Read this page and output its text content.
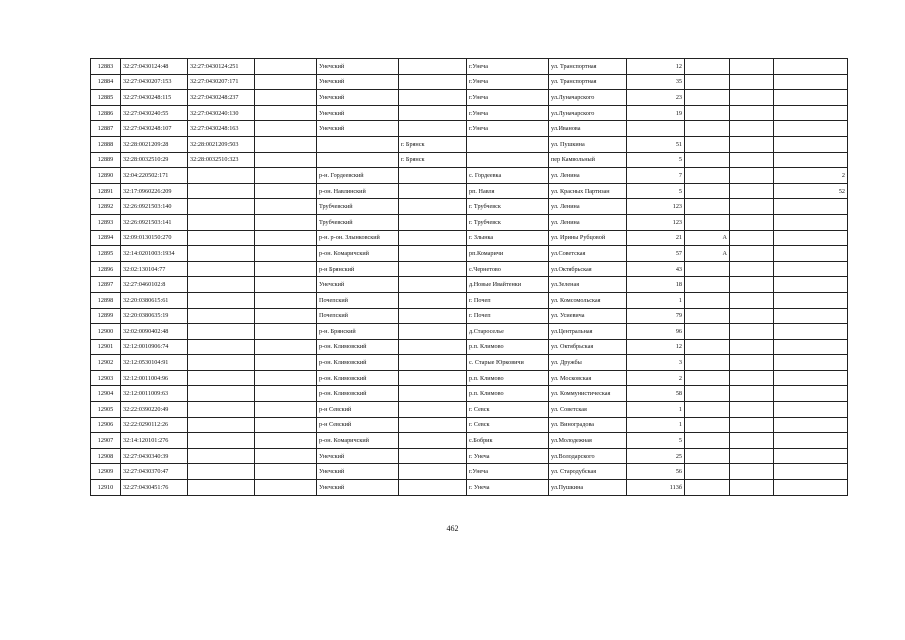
12883	32:27:0430124:48	32:27:0430124:251		Унечский		г.Унеча	ул. Транспортная	12			
12884	32:27:0430207:153	32:27:0430207:171		Унечский		г.Унеча	ул. Транспортная	35			
12885	32:27:0430248:115	32:27:0430248:237		Унечский		г.Унеча	ул.Луначарского	23			
12886	32:27:0430240:55	32:27:0430240:130		Унечский		г.Унеча	ул.Луначарского	19			
12887	32:27:0430248:107	32:27:0430248:163		Унечский		г.Унеча	ул.Иванова				
12888	32:28:0021209:28	32:28:0021209:503			г. Брянск		ул. Пушкина	51			
12889	32:28:0032510:29	32:28:0032510:323			г. Брянск		пер Камвольный	5			
12890	32:04:220502:171			р-н. Гордеевский		с. Гордеевка	ул. Ленина	7			2
12891	32:17:0960226:209			р-он. Навлинский		рп. Навля	ул. Красных Партизан	5			52
12892	32:26:0921503:140			Трубчевский		г. Трубчевск	ул. Ленина	123			
12893	32:26:0921503:141			Трубчевский		г. Трубчевск	ул. Ленина	123			
12894	32:09:0130150:270			р-н. р-он. Злынковский		г. Злынка	ул. Ирины Рубцовой	21	А		
12895	32:14:0201003:1934			р-он. Комаричский		рп.Комаричи	ул.Советская	57	А		
12896	32:02:130104:77			р-н Брянский		с.Чернетово	ул.Октябрьская	43			
12897	32:27:0460102:8			Унечский		д.Новые Ивайтенки	ул.Зеленая	18			
12898	32:20:0380615:61			Почепский		г. Почеп	ул. Комсомольская	1			
12899	32:20:0380635:19			Почепский		г. Почеп	ул. Усиевича	79			
12900	32:02:0090402:48			р-н. Брянский		д.Староселье	ул.Центральная	96			
12901	32:12:0010906:74			р-он. Климовский		р.п. Климово	ул. Октябрьская	12			
12902	32:12:0530104:91			р-он. Климовский		с. Старые Юрковичи	ул. Дружбы	3			
12903	32:12:0011004:96			р-он. Климовский		р.п. Климово	ул. Московская	2			
12904	32:12:0011009:63			р-он. Климовский		р.п. Климово	ул. Коммунистическая	58			
12905	32:22:0390220:49			р-н Севский		г. Севск	ул. Советская	1			
12906	32:22:0290112:26			р-н Севский		г. Севск	ул. Виноградова	1			
12907	32:14:120101:276			р-он. Комаричский		с.Бобрик	ул.Молодежная	5			
12908	32:27:0430340:39			Унечский		г. Унеча	ул.Володарского	25			
12909	32:27:0430370:47			Унечский		г.Унеча	ул. Стародубская	56			
12910	32:27:0430451:76			Унечский		г. Унеча	ул.Пушкина	113б			
462
